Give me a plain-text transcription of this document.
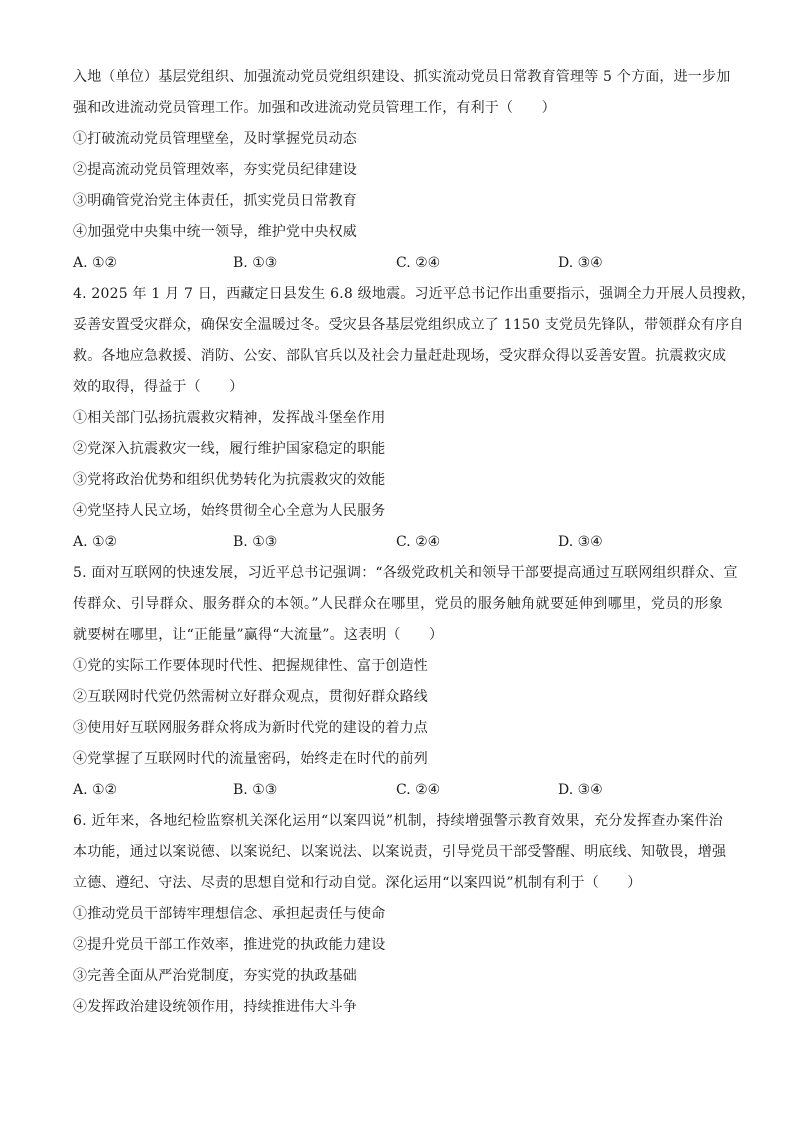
入地（单位）基层党组织、加强流动党员党组织建设、抓实流动党员日常教育管理等 5 个方面，进一步加
强和改进流动党员管理工作。加强和改进流动党员管理工作，有利于（　　）
①打破流动党员管理壁垒，及时掌握党员动态
②提高流动党员管理效率，夯实党员纪律建设
③明确管党治党主体责任，抓实党员日常教育
④加强党中央集中统一领导，维护党中央权威
A. ①②	B. ①③	C. ②④	D. ③④
4. 2025 年 1 月 7 日，西藏定日县发生 6.8 级地震。习近平总书记作出重要指示，强调全力开展人员搜救，
妥善安置受灾群众，确保安全温暖过冬。受灾县各基层党组织成立了 1150 支党员先锋队，带领群众有序自
救。各地应急救援、消防、公安、部队官兵以及社会力量赶赴现场，受灾群众得以妥善安置。抗震救灾成
效的取得，得益于（　　）
①相关部门弘扬抗震救灾精神，发挥战斗堡垒作用
②党深入抗震救灾一线，履行维护国家稳定的职能
③党将政治优势和组织优势转化为抗震救灾的效能
④党坚持人民立场，始终贯彻全心全意为人民服务
A. ①②	B. ①③	C. ②④	D. ③④
5. 面对互联网的快速发展，习近平总书记强调：“各级党政机关和领导干部要提高通过互联网组织群众、宣
传群众、引导群众、服务群众的本领。”人民群众在哪里，党员的服务触角就要延伸到哪里，党员的形象
就要树在哪里，让“正能量”赢得“大流量”。这表明（　　）
①党的实际工作要体现时代性、把握规律性、富于创造性
②互联网时代党仍然需树立好群众观点，贯彻好群众路线
③使用好互联网服务群众将成为新时代党的建设的着力点
④党掌握了互联网时代的流量密码，始终走在时代的前列
A. ①②	B. ①③	C. ②④	D. ③④
6. 近年来，各地纪检监察机关深化运用“以案四说”机制，持续增强警示教育效果，充分发挥查办案件治
本功能，通过以案说德、以案说纪、以案说法、以案说责，引导党员干部受警醒、明底线、知敬畏，增强
立德、遵纪、守法、尽责的思想自觉和行动自觉。深化运用“以案四说”机制有利于（　　）
①推动党员干部铸牢理想信念、承担起责任与使命
②提升党员干部工作效率，推进党的执政能力建设
③完善全面从严治党制度，夯实党的执政基础
④发挥政治建设统领作用，持续推进伟大斗争
